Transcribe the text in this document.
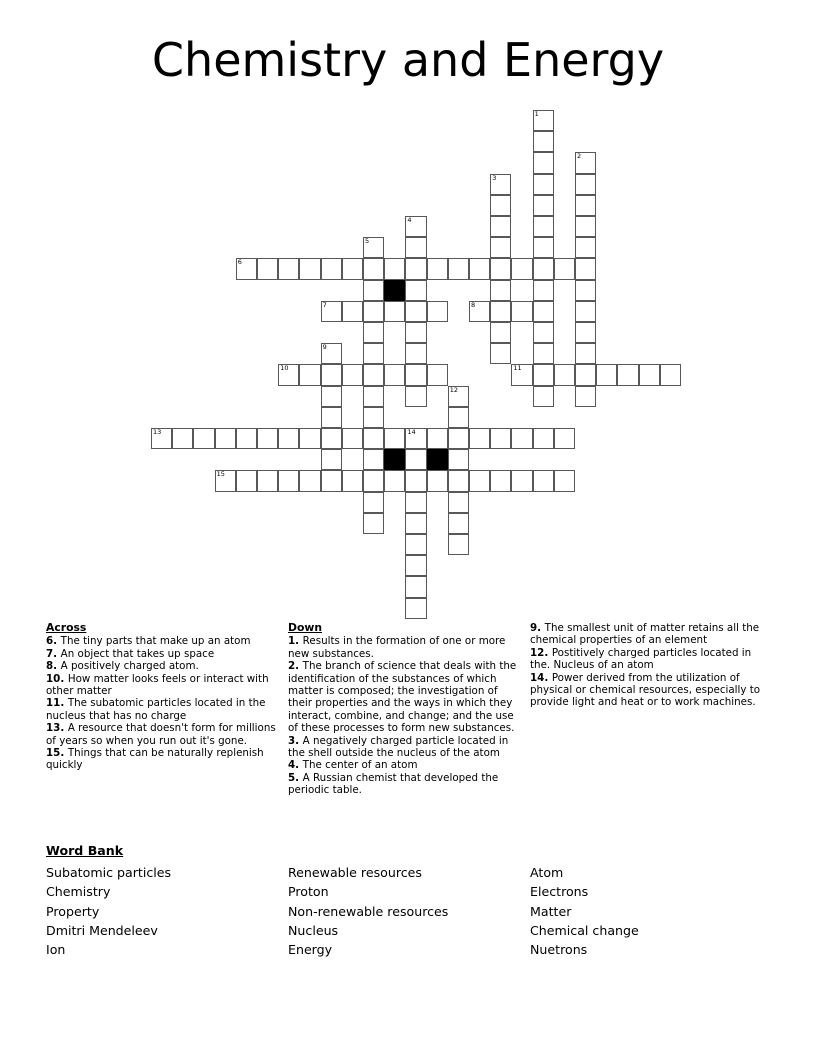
Chemistry and Energy
1
2
3
4
5
6
7	8
9
10	11
12
13	14
15
Across

6. The tiny parts that make up an atom

7. An object that takes up space

8. A positively charged atom.

10. How matter looks feels or interact with other matter

11. The subatomic particles located in the nucleus that has no charge

13. A resource that doesn't form for millions of years so when you run out it's gone.

15. Things that can be naturally replenish quickly

Down

1. Results in the formation of one or more new substances.

2. The branch of science that deals with the identification of the substances of which matter is composed; the investigation of their properties and the ways in which they interact, combine, and change; and the use of these processes to form new substances.

3. A negatively charged particle located in the shell outside the nucleus of the atom

4. The center of an atom

5. A Russian chemist that developed the periodic table.

9. The smallest unit of matter retains all the chemical properties of an element

12. Postitively charged particles located in the. Nucleus of an atom

14. Power derived from the utilization of physical or chemical resources, especially to provide light and heat or to work machines.

Word Bank
Subatomic particles
Chemistry
Property
Dmitri Mendeleev
Ion
Renewable resources
Proton
Non-renewable resources
Nucleus
Energy
Atom
Electrons
Matter
Chemical change
Nuetrons
